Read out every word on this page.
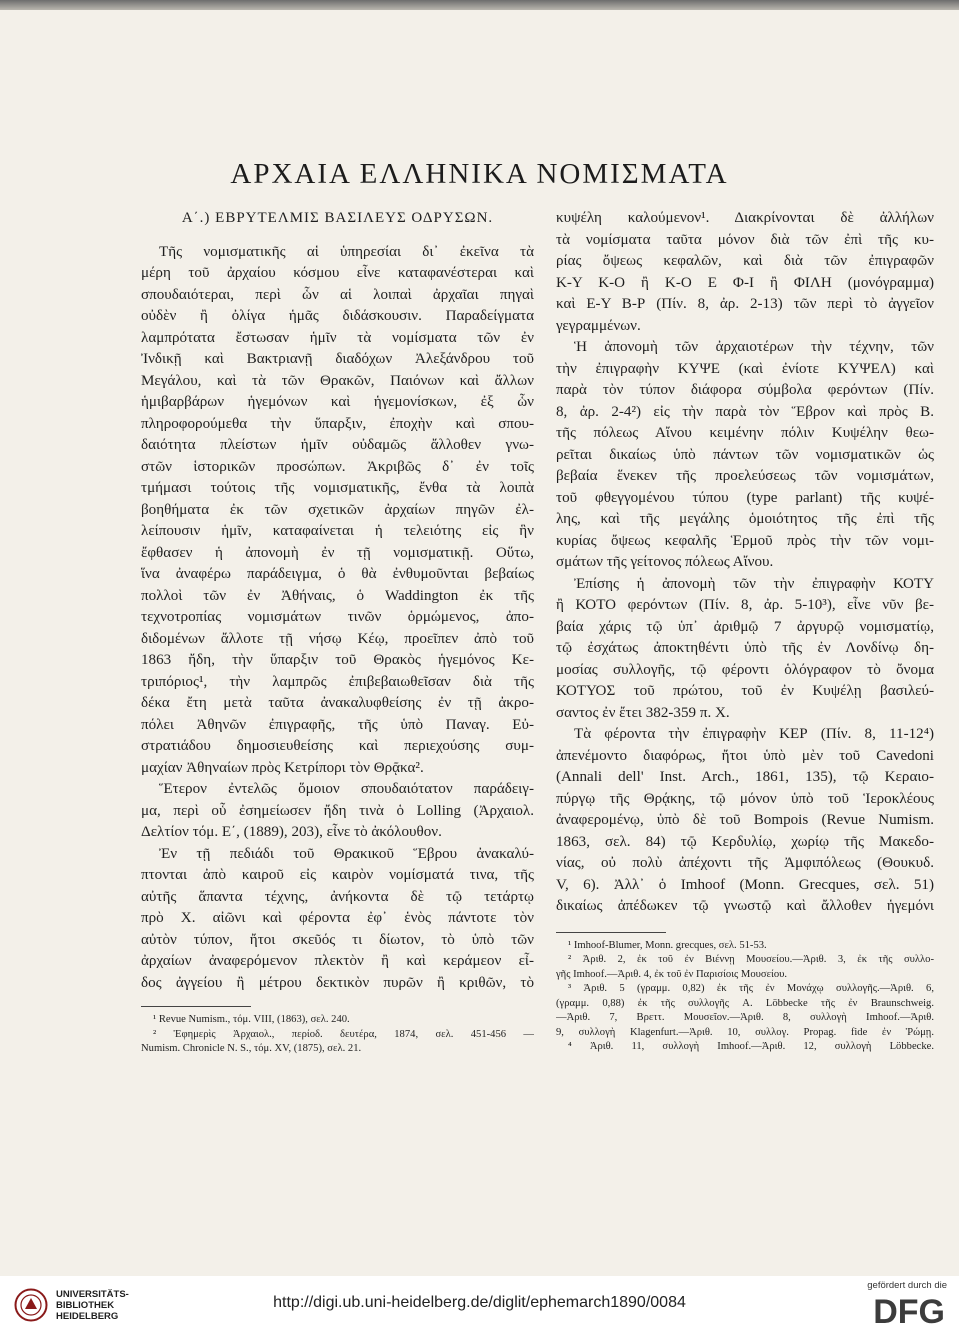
ΑΡΧΑΙΑ ΕΛΛΗΝΙΚΑ ΝΟΜΙΣΜΑΤΑ
Α΄.) ΕΒΡΥΤΕΛΜΙΣ ΒΑΣΙΛΕΥΣ ΟΔΡΥΣΩΝ.
Τῆς νομισματικῆς αἱ ὑπηρεσίαι δι᾽ ἐκεῖνα τὰ
μέρη τοῦ ἀρχαίου κόσμου εἶνε καταφανέστεραι καὶ
σπουδαιότεραι, περὶ ὧν αἱ λοιπαὶ ἀρχαῖαι πηγαὶ
οὐδὲν ἢ ὀλίγα ἡμᾶς διδάσκουσιν. Παραδείγματα
λαμπρότατα ἔστωσαν ἡμῖν τὰ νομίσματα τῶν ἐν
Ἰνδικῇ καὶ Βακτριανῇ διαδόχων Ἀλεξάνδρου τοῦ
Μεγάλου, καὶ τὰ τῶν Θρακῶν, Παιόνων καὶ ἄλλων
ἡμιβαρβάρων ἡγεμόνων καὶ ἡγεμονίσκων, ἐξ ὧν
πληροφορούμεθα τὴν ὕπαρξιν, ἐποχὴν καὶ σπου-
δαιότητα πλείστων ἡμῖν οὐδαμῶς ἄλλοθεν γνω-
στῶν ἱστορικῶν προσώπων. Ἀκριβῶς δ᾽ ἐν τοῖς
τμήμασι τούτοις τῆς νομισματικῆς, ἔνθα τὰ λοιπὰ
βοηθήματα ἐκ τῶν σχετικῶν ἀρχαίων πηγῶν ἐλ-
λείπουσιν ἡμῖν, καταφαίνεται ἡ τελειότης εἰς ἣν
ἔφθασεν ἡ ἀπονομὴ ἐν τῇ νομισματικῇ. Οὕτω,
ἵνα ἀναφέρω παράδειγμα, ὁ θὰ ἐνθυμοῦνται βεβαίως
πολλοὶ τῶν ἐν Ἀθήναις, ὁ Waddington ἐκ τῆς
τεχνοτροπίας νομισμάτων τινῶν ὁρμώμενος, ἀπο-
διδομένων ἄλλοτε τῇ νήσῳ Κέῳ, προεῖπεν ἀπὸ τοῦ
1863 ἤδη, τὴν ὕπαρξιν τοῦ Θρακὸς ἡγεμόνος Κε-
τριπόριος¹, τὴν λαμπρῶς ἐπιβεβαιωθεῖσαν διὰ τῆς
δέκα ἔτη μετὰ ταῦτα ἀνακαλυφθείσης ἐν τῇ ἀκρο-
πόλει Ἀθηνῶν ἐπιγραφῆς, τῆς ὑπὸ Παναγ. Εὐ-
στρατιάδου δημοσιευθείσης καὶ περιεχούσης συμ-
μαχίαν Ἀθηναίων πρὸς Κετρίπορι τὸν Θρᾷκα².
Ἕτερον ἐντελῶς ὅμοιον σπουδαιότατον παράδειγ-
μα, περὶ οὗ ἐσημείωσεν ἤδη τινὰ ὁ Lolling (Ἀρχαιολ.
Δελτίον τόμ. Ε΄, (1889), 203), εἶνε τὸ ἀκόλουθον.
Ἐν τῇ πεδιάδι τοῦ Θρακικοῦ Ἕβρου ἀνακαλύ-
πτονται ἀπὸ καιροῦ εἰς καιρὸν νομίσματά τινα, τῆς
αὐτῆς ἅπαντα τέχνης, ἀνήκοντα δὲ τῷ τετάρτῳ
πρὸ Χ. αἰῶνι καὶ φέροντα ἐφ᾽ ἑνὸς πάντοτε τὸν
αὐτὸν τύπον, ἤτοι σκεῦός τι δίωτον, τὸ ὑπὸ τῶν
ἀρχαίων ἀναφερόμενον πλεκτὸν ἢ καὶ κεράμεον εἶ-
δος ἀγγείου ἢ μέτρου δεκτικὸν πυρῶν ἢ κριθῶν, τὸ
¹ Revue Numism., τόμ. VIII, (1863), σελ. 240.
² Ἐφημερὶς Ἀρχαιολ., περίοδ. δευτέρα, 1874, σελ. 451-456 —
Numism. Chronicle N. S., τόμ. XV, (1875), σελ. 21.
κυψέλη καλούμενον¹. Διακρίνονται δὲ ἀλλήλων
τὰ νομίσματα ταῦτα μόνον διὰ τῶν ἐπὶ τῆς κυ-
ρίας ὄψεως κεφαλῶν, καὶ διὰ τῶν ἐπιγραφῶν
Κ-Υ Κ-Ο ἢ Κ-Ο Ε Φ-Ι ἢ ΦΙΛΗ (μονόγραμμα)
καὶ Ε-Υ Β-Ρ (Πίν. 8, ἀρ. 2-13) τῶν περὶ τὸ ἀγγεῖον
γεγραμμένων.
Ἡ ἀπονομὴ τῶν ἀρχαιοτέρων τὴν τέχνην, τῶν
τὴν ἐπιγραφὴν ΚΥΨΕ (καὶ ἐνίοτε ΚΥΨΕΛ) καὶ
παρὰ τὸν τύπον διάφορα σύμβολα φερόντων (Πίν.
8, ἀρ. 2-4²) εἰς τὴν παρὰ τὸν Ἕβρον καὶ πρὸς Β.
τῆς πόλεως Αἴνου κειμένην πόλιν Κυψέλην θεω-
ρεῖται δικαίως ὑπὸ πάντων τῶν νομισματικῶν ὡς
βεβαία ἕνεκεν τῆς προελεύσεως τῶν νομισμάτων,
τοῦ φθεγγομένου τύπου (type parlant) τῆς κυψέ-
λης, καὶ τῆς μεγάλης ὁμοιότητος τῆς ἐπὶ τῆς
κυρίας ὄψεως κεφαλῆς Ἑρμοῦ πρὸς τὴν τῶν νομι-
σμάτων τῆς γείτονος πόλεως Αἴνου.
Ἐπίσης ἡ ἀπονομὴ τῶν τὴν ἐπιγραφὴν ΚΟΤΥ
ἢ ΚΟΤΟ φερόντων (Πίν. 8, ἀρ. 5-10³), εἶνε νῦν βε-
βαία χάρις τῷ ὑπ᾽ ἀριθμῷ 7 ἀργυρῷ νομισματίῳ,
τῷ ἐσχάτως ἀποκτηθέντι ὑπὸ τῆς ἐν Λονδίνῳ δη-
μοσίας συλλογῆς, τῷ φέροντι ὁλόγραφον τὸ ὄνομα
ΚΟΤΥΟΣ τοῦ πρώτου, τοῦ ἐν Κυψέλῃ βασιλεύ-
σαντος ἐν ἔτει 382-359 π. Χ.
Τὰ φέροντα τὴν ἐπιγραφὴν ΚΕΡ (Πίν. 8, 11-12⁴)
ἀπενέμοντο διαφόρως, ἤτοι ὑπὸ μὲν τοῦ Cavedoni
(Annali dell' Inst. Arch., 1861, 135), τῷ Κεραιο-
πύργῳ τῆς Θρᾴκης, τῷ μόνον ὑπὸ τοῦ Ἱεροκλέους
ἀναφερομένῳ, ὑπὸ δὲ τοῦ Bompois (Revue Numism.
1863, σελ. 84) τῷ Κερδυλίῳ, χωρίῳ τῆς Μακεδο-
νίας, οὐ πολὺ ἀπέχοντι τῆς Ἀμφιπόλεως (Θουκυδ.
V, 6). Ἀλλ᾽ ὁ Imhoof (Monn. Grecques, σελ. 51)
δικαίως ἀπέδωκεν τῷ γνωστῷ καὶ ἄλλοθεν ἡγεμόνι
¹ Imhoof-Blumer, Monn. grecques, σελ. 51-53.
² Ἀριθ. 2, ἐκ τοῦ ἐν Βιέννῃ Μουσείου.—Ἀριθ. 3, ἐκ τῆς συλλο-
γῆς Imhoof.—Ἀριθ. 4, ἐκ τοῦ ἐν Παρισίοις Μουσείου.
³ Ἀριθ. 5 (γραμμ. 0,82) ἐκ τῆς ἐν Μονάχῳ συλλογῆς.—Ἀριθ. 6,
(γραμμ. 0,88) ἐκ τῆς συλλογῆς A. Löbbecke τῆς ἐν Braunschweig.
—Ἀριθ. 7, Βρεττ. Μουσεῖον.—Ἀριθ. 8, συλλογὴ Imhoof.—Ἀριθ.
9, συλλογὴ Klagenfurt.—Ἀριθ. 10, συλλογ. Propag. fide ἐν Ῥώμῃ.
⁴ Ἀριθ. 11, συλλογὴ Imhoof.—Ἀριθ. 12, συλλογὴ Löbbecke.
UNIVERSITÄTS-
BIBLIOTHEK
HEIDELBERG
http://digi.ub.uni-heidelberg.de/diglit/ephemarch1890/0084
gefördert durch die
DFG
